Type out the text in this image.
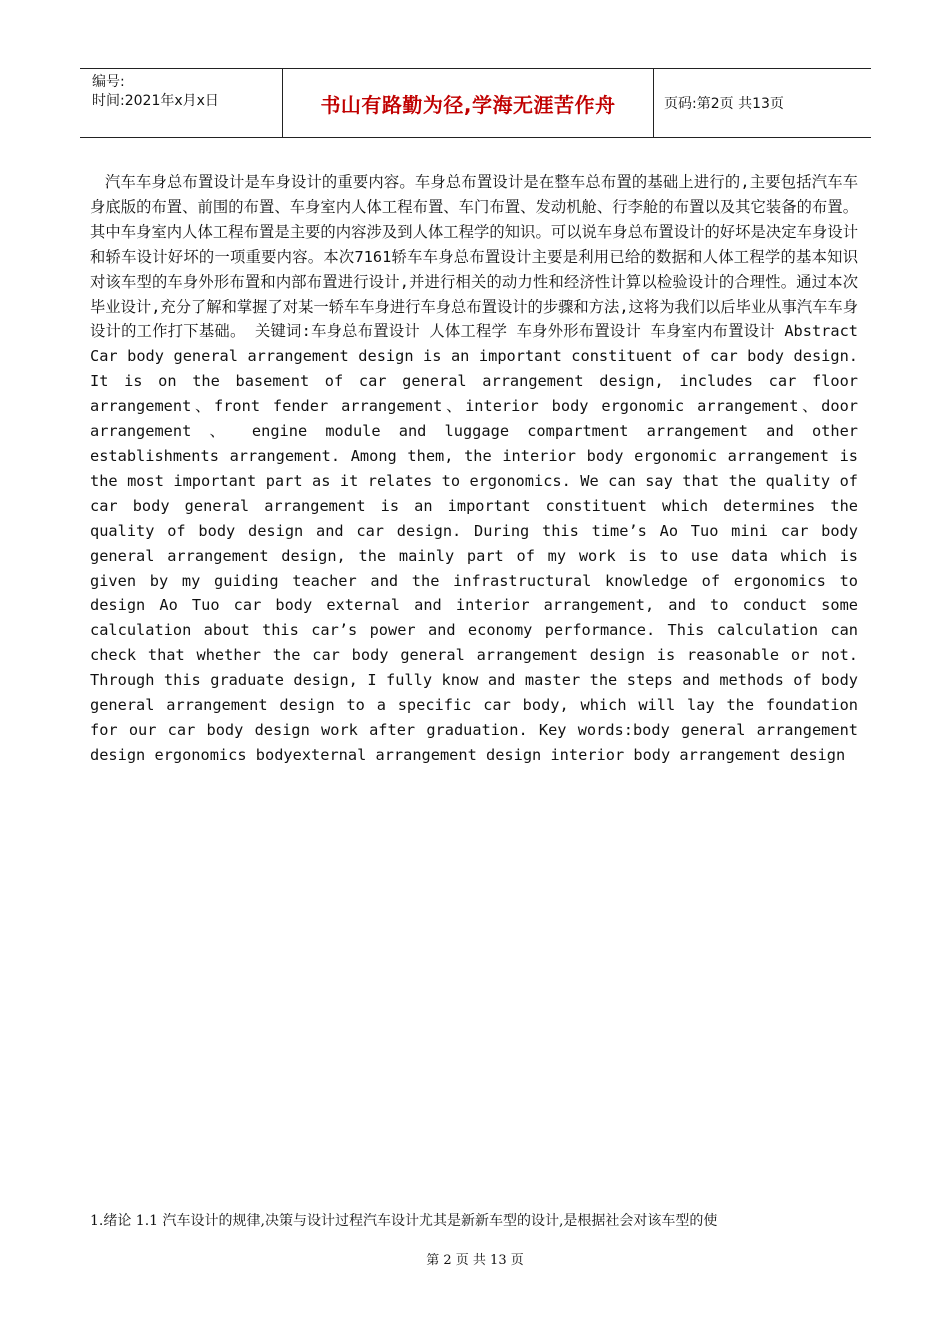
编号:
时间:2021年x月x日	书山有路勤为径,学海无涯苦作舟	页码:第2页 共13页
汽车车身总布置设计是车身设计的重要内容。车身总布置设计是在整车总布置的基础上进行的,主要包括汽车车身底版的布置、前围的布置、车身室内人体工程布置、车门布置、发动机舱、行李舱的布置以及其它装备的布置。其中车身室内人体工程布置是主要的内容涉及到人体工程学的知识。可以说车身总布置设计的好坏是决定车身设计和轿车设计好坏的一项重要内容。本次7161轿车车身总布置设计主要是利用已给的数据和人体工程学的基本知识对该车型的车身外形布置和内部布置进行设计,并进行相关的动力性和经济性计算以检验设计的合理性。通过本次毕业设计,充分了解和掌握了对某一轿车车身进行车身总布置设计的步骤和方法,这将为我们以后毕业从事汽车车身设计的工作打下基础。 关键词:车身总布置设计 人体工程学 车身外形布置设计 车身室内布置设计 Abstract Car body general arrangement design is an important constituent of car body design. It is on the basement of car general arrangement design, includes car floor arrangement、front fender arrangement、interior body ergonomic arrangement、door arrangement 、 engine module and luggage compartment arrangement and other establishments arrangement. Among them, the interior body ergonomic arrangement is the most important part as it relates to ergonomics. We can say that the quality of car body general arrangement is an important constituent which determines the quality of body design and car design. During this time’s Ao Tuo mini car body general arrangement design, the mainly part of my work is to use data which is given by my guiding teacher and the infrastructural knowledge of ergonomics to design Ao Tuo car body external and interior arrangement, and to conduct some calculation about this car’s power and economy performance. This calculation can check that whether the car body general arrangement design is reasonable or not. Through this graduate design, I fully know and master the steps and methods of body general arrangement design to a specific car body, which will lay the foundation for our car body design work after graduation. Key words:body general arrangement design ergonomics bodyexternal arrangement design interior body arrangement design
1.绪论 1.1 汽车设计的规律,决策与设计过程汽车设计尤其是新新车型的设计,是根据社会对该车型的使
第 2 页 共 13 页
